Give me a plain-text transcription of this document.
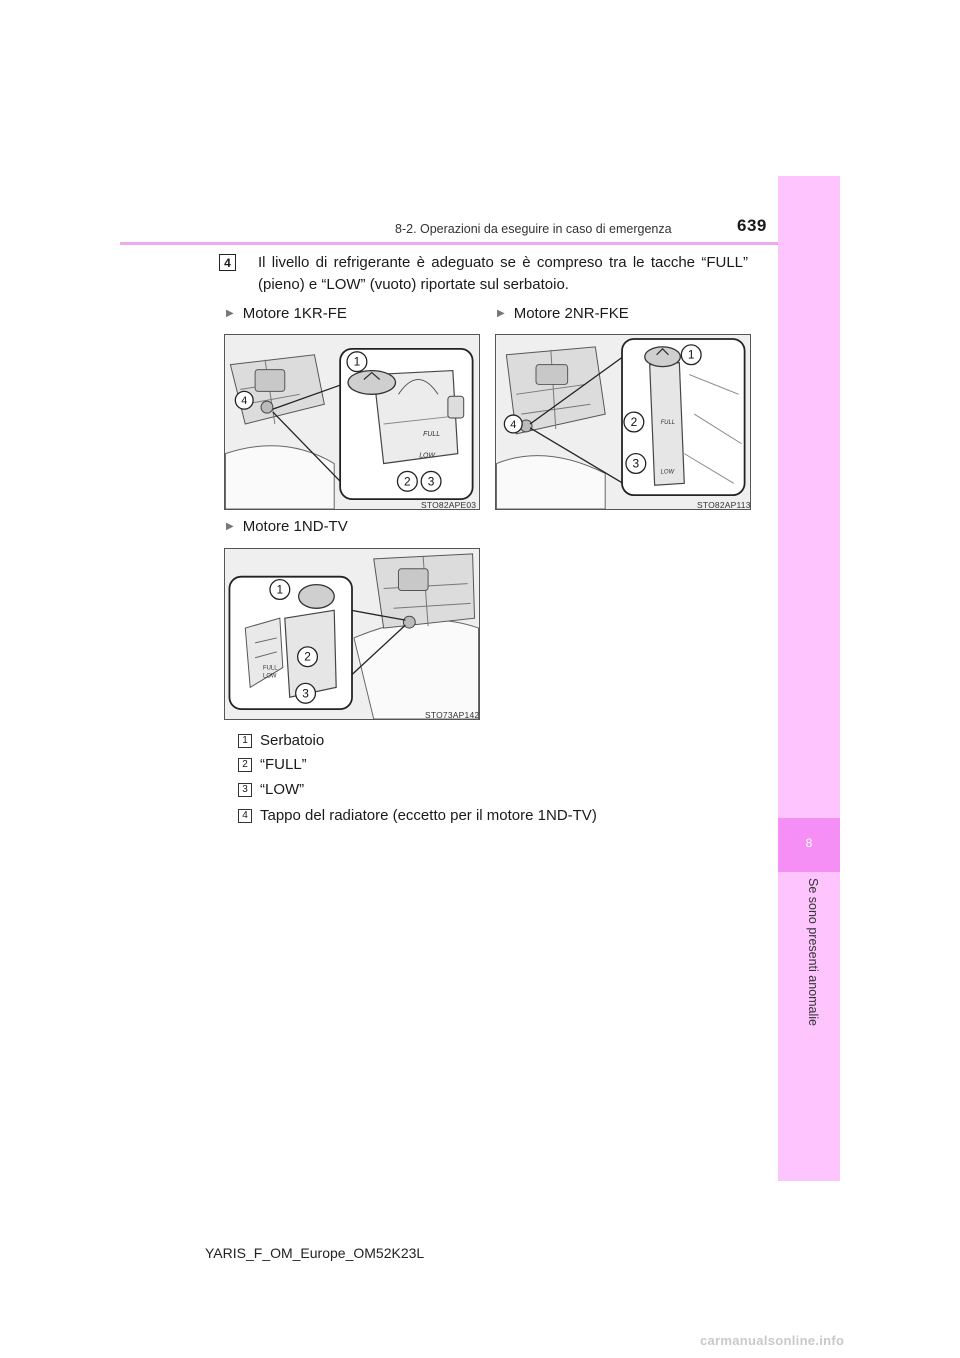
8-2. Operazioni da eseguire in caso di emergenza	639
8
Se sono presenti anomalie
4	Il livello di refrigerante è adeguato se è compreso tra le tacche “FULL” (pieno) e “LOW” (vuoto) riportate sul serbatoio.

▶ Motore 1KR-FE	▶ Motore 2NR-FKE
FULL
LOW
1
2 3
4
STO82APE03
FULL
LOW
1
2
3
4
STO82AP113
▶ Motore 1ND-TV
FULL
LOW
1
2
3
STO73AP142
1 Serbatoio
2 “FULL”
3 “LOW”
4 Tappo del radiatore (eccetto per il motore 1ND-TV)
YARIS_F_OM_Europe_OM52K23L
carmanualsonline.info
